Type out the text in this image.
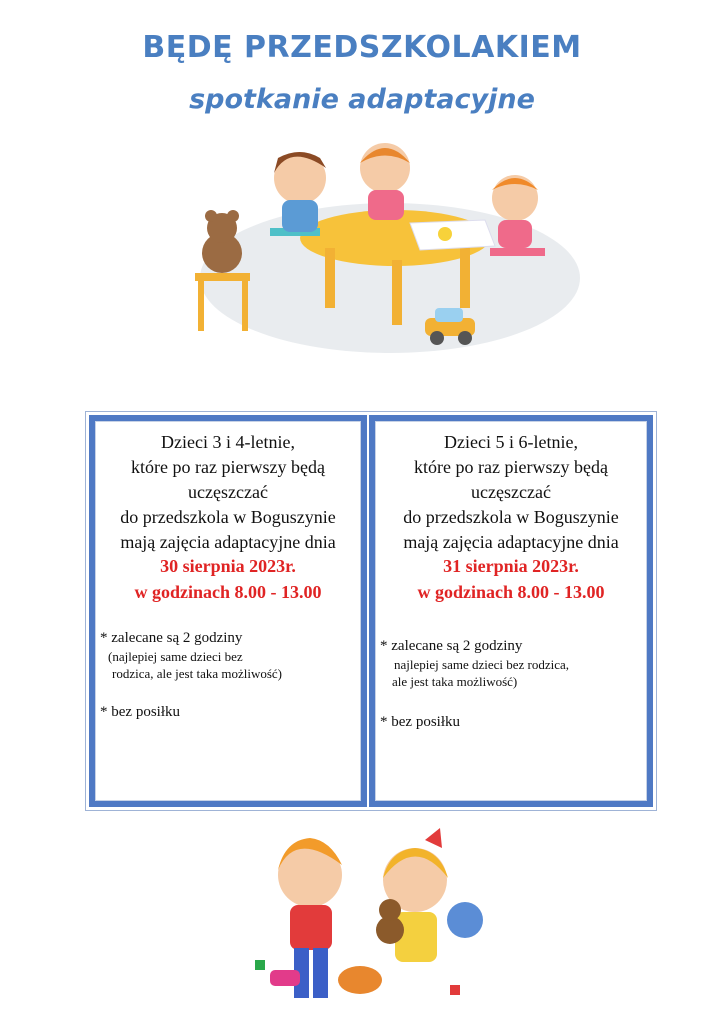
BĘDĘ PRZEDSZKOLAKIEM
spotkanie adaptacyjne
Dzieci 3 i 4-letnie,
które po raz pierwszy będą
uczęszczać
do przedszkola w Boguszynie
mają zajęcia adaptacyjne dnia
30 sierpnia 2023r.
w godzinach 8.00 - 13.00
* zalecane są 2 godziny
(najlepiej same dzieci bez
rodzica, ale jest taka możliwość)
* bez posiłku
Dzieci 5 i 6-letnie,
które po raz pierwszy będą
uczęszczać
do przedszkola w Boguszynie
mają zajęcia adaptacyjne dnia
31 sierpnia 2023r.
w godzinach 8.00 - 13.00
* zalecane są 2 godziny
najlepiej same dzieci bez rodzica,
ale jest taka możliwość)
* bez posiłku
